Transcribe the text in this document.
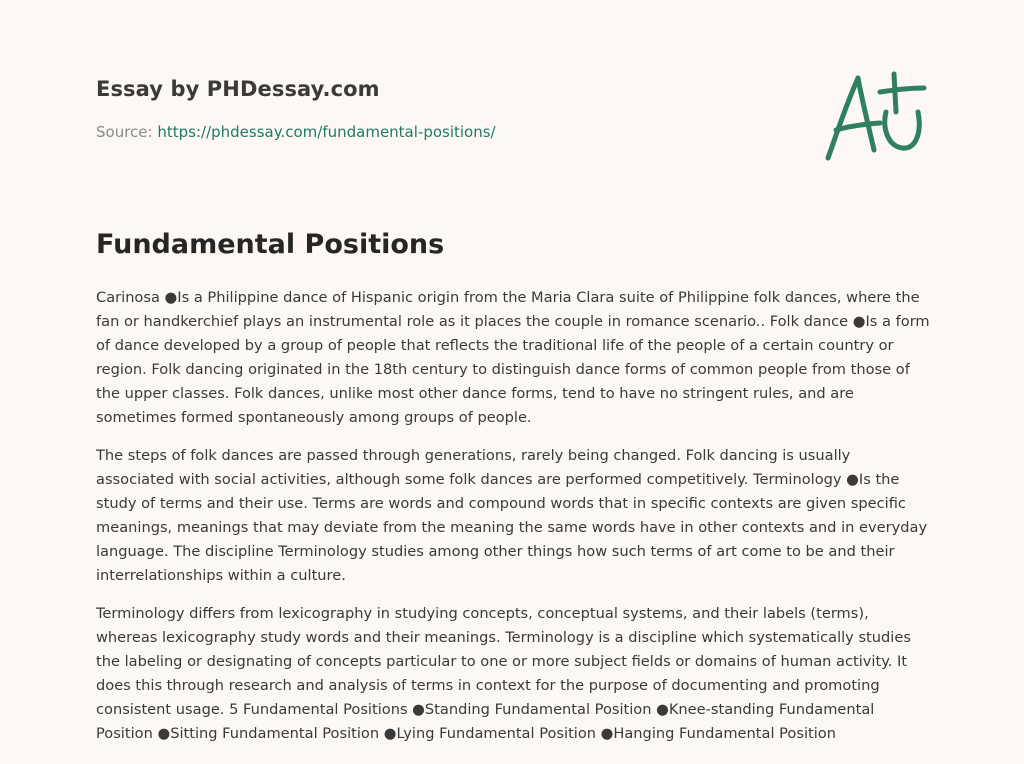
Essay by PHDessay.com
Source: https://phdessay.com/fundamental-positions/
Fundamental Positions

Carinosa ●Is a Philippine dance of Hispanic origin from the Maria Clara suite of Philippine folk dances, where the fan or handkerchief plays an instrumental role as it places the couple in romance scenario.. Folk dance ●Is a form of dance developed by a group of people that reflects the traditional life of the people of a certain country or region. Folk dancing originated in the 18th century to distinguish dance forms of common people from those of the upper classes. Folk dances, unlike most other dance forms, tend to have no stringent rules, and are sometimes formed spontaneously among groups of people.

The steps of folk dances are passed through generations, rarely being changed. Folk dancing is usually associated with social activities, although some folk dances are performed competitively. Terminology ●Is the study of terms and their use. Terms are words and compound words that in specific contexts are given specific meanings, meanings that may deviate from the meaning the same words have in other contexts and in everyday language. The discipline Terminology studies among other things how such terms of art come to be and their interrelationships within a culture.

Terminology differs from lexicography in studying concepts, conceptual systems, and their labels (terms), whereas lexicography study words and their meanings. Terminology is a discipline which systematically studies the labeling or designating of concepts particular to one or more subject fields or domains of human activity. It does this through research and analysis of terms in context for the purpose of documenting and promoting consistent usage. 5 Fundamental Positions ●Standing Fundamental Position ●Knee-standing Fundamental Position ●Sitting Fundamental Position ●Lying Fundamental Position ●Hanging Fundamental Position
